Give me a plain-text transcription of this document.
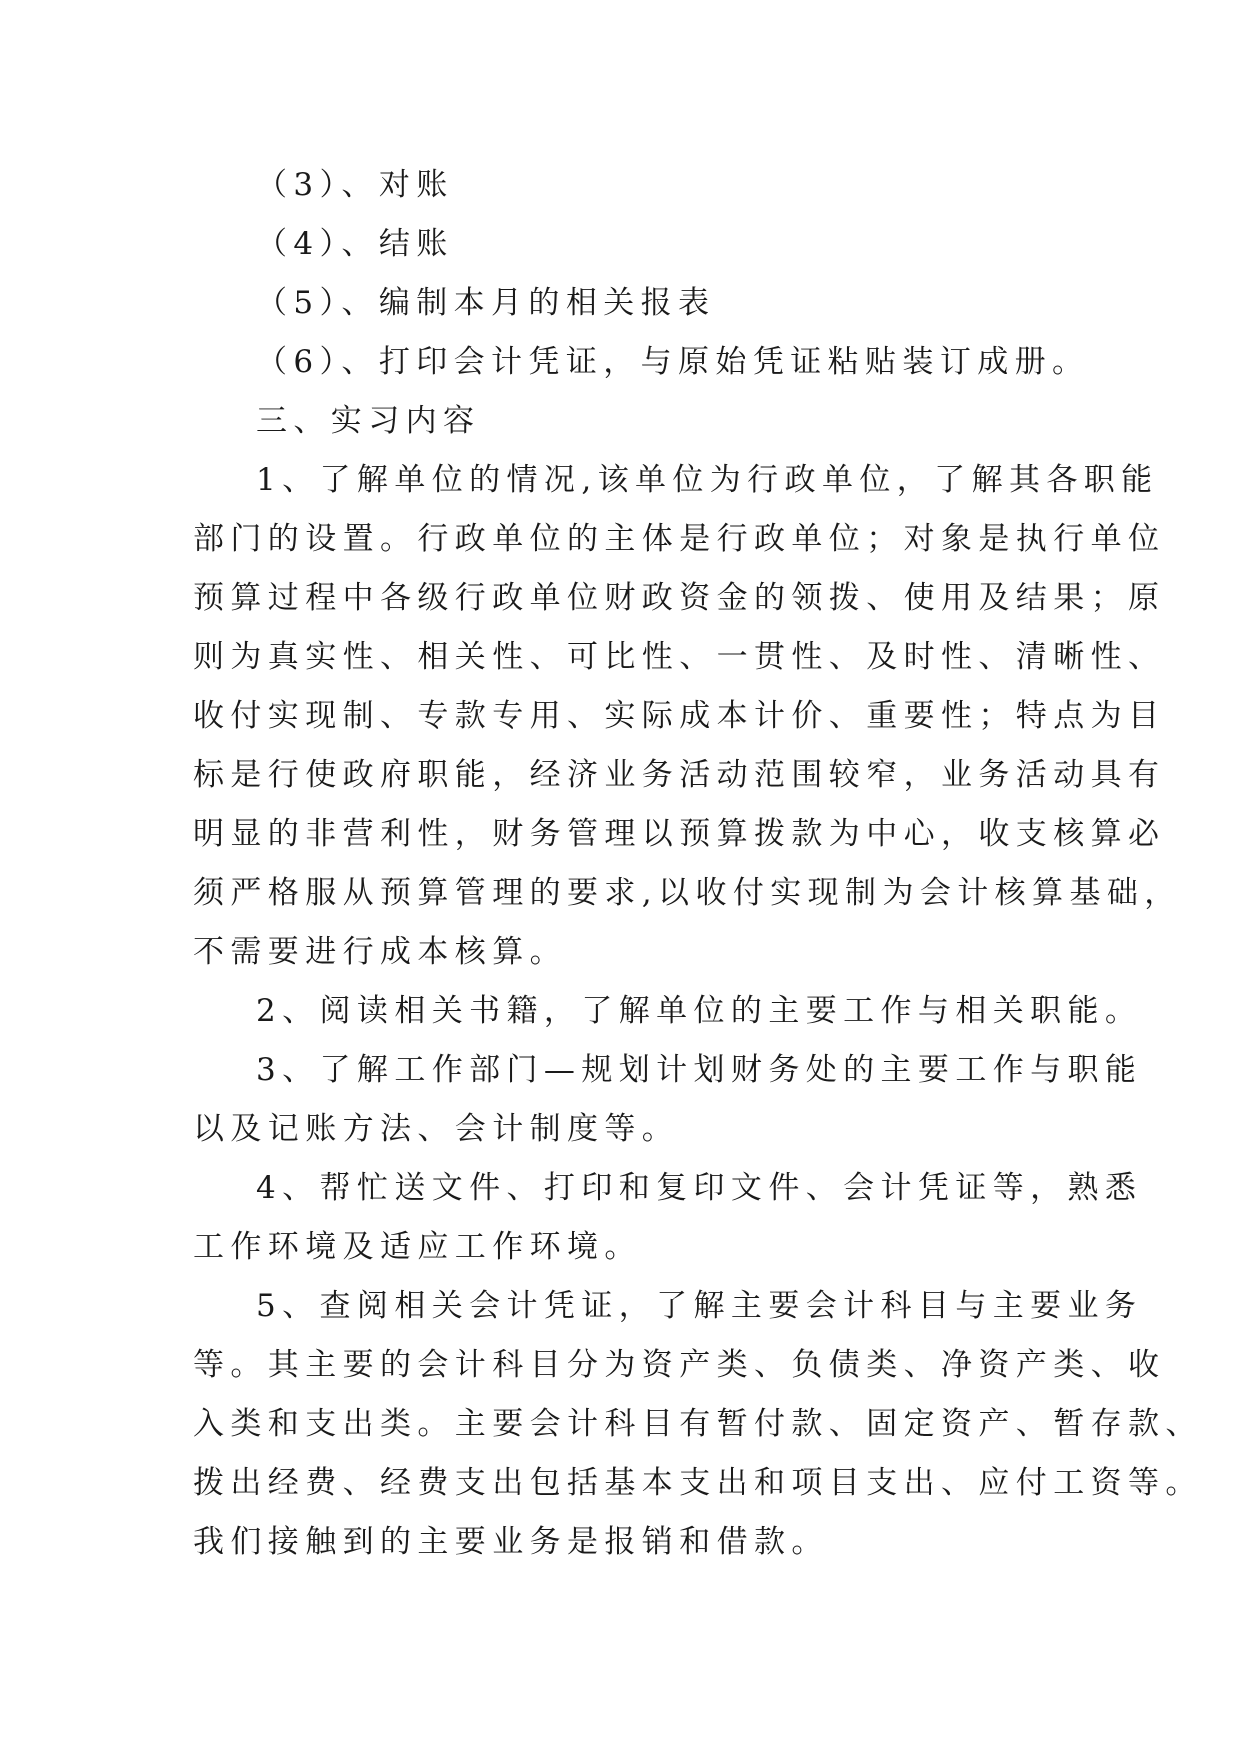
（3）、对账
（4）、结账
（5）、编制本月的相关报表
（6）、打印会计凭证，与原始凭证粘贴装订成册。
三、实习内容
1、了解单位的情况,该单位为行政单位，了解其各职能
部门的设置。行政单位的主体是行政单位；对象是执行单位
预算过程中各级行政单位财政资金的领拨、使用及结果；原
则为真实性、相关性、可比性、一贯性、及时性、清晰性、
收付实现制、专款专用、实际成本计价、重要性；特点为目
标是行使政府职能，经济业务活动范围较窄，业务活动具有
明显的非营利性，财务管理以预算拨款为中心，收支核算必
须严格服从预算管理的要求,以收付实现制为会计核算基础，
不需要进行成本核算。
2、阅读相关书籍，了解单位的主要工作与相关职能。
3、了解工作部门—规划计划财务处的主要工作与职能
以及记账方法、会计制度等。
4、帮忙送文件、打印和复印文件、会计凭证等，熟悉
工作环境及适应工作环境。
5、查阅相关会计凭证，了解主要会计科目与主要业务
等。其主要的会计科目分为资产类、负债类、净资产类、收
入类和支出类。主要会计科目有暂付款、固定资产、暂存款、
拨出经费、经费支出包括基本支出和项目支出、应付工资等。
我们接触到的主要业务是报销和借款。
